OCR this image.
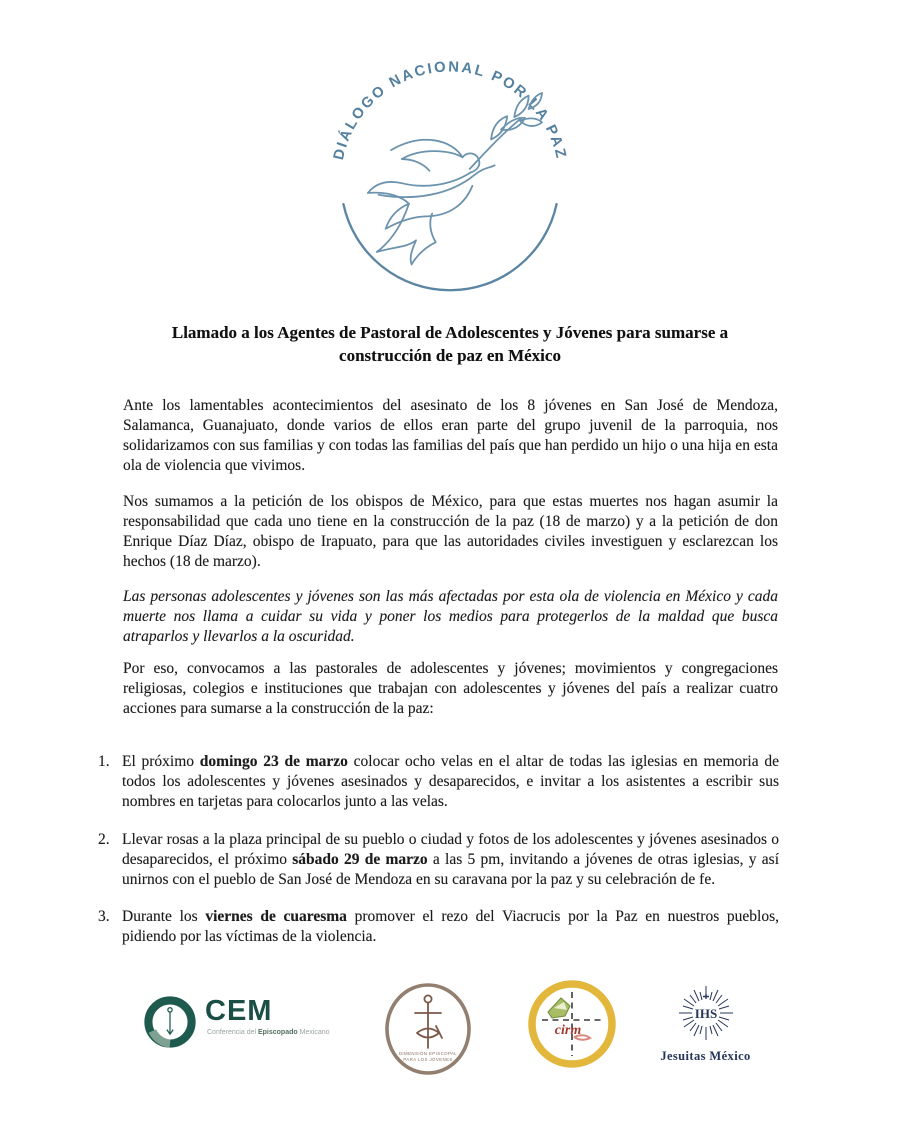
DIÁLOGO NACIONAL POR LA PAZ
Llamado a los Agentes de Pastoral de Adolescentes y Jóvenes para sumarse a
construcción de paz en México
Ante los lamentables acontecimientos del asesinato de los 8 jóvenes en San José de Mendoza, Salamanca, Guanajuato, donde varios de ellos eran parte del grupo juvenil de la parroquia, nos solidarizamos con sus familias y con todas las familias del país que han perdido un hijo o una hija en esta ola de violencia que vivimos.
Nos sumamos a la petición de los obispos de México, para que estas muertes nos hagan asumir la responsabilidad que cada uno tiene en la construcción de la paz (18 de marzo) y a la petición de don Enrique Díaz Díaz, obispo de Irapuato, para que las autoridades civiles investiguen y esclarezcan los hechos (18 de marzo).
Las personas adolescentes y jóvenes son las más afectadas por esta ola de violencia en México y cada muerte nos llama a cuidar su vida y poner los medios para protegerlos de la maldad que busca atraparlos y llevarlos a la oscuridad.
Por eso, convocamos a las pastorales de adolescentes y jóvenes; movimientos y congregaciones religiosas, colegios e instituciones que trabajan con adolescentes y jóvenes del país a realizar cuatro acciones para sumarse a la construcción de la paz:
1. El próximo domingo 23 de marzo colocar ocho velas en el altar de todas las iglesias en memoria de todos los adolescentes y jóvenes asesinados y desaparecidos, e invitar a los asistentes a escribir sus nombres en tarjetas para colocarlos junto a las velas.
2. Llevar rosas a la plaza principal de su pueblo o ciudad y fotos de los adolescentes y jóvenes asesinados o desaparecidos, el próximo sábado 29 de marzo a las 5 pm, invitando a jóvenes de otras iglesias, y así unirnos con el pueblo de San José de Mendoza en su caravana por la paz y su celebración de fe.
3. Durante los viernes de cuaresma promover el rezo del Viacrucis por la Paz en nuestros pueblos, pidiendo por las víctimas de la violencia.
CEM
Conferencia del Episcopado Mexicano
DIMENSIÓN EPISCOPAL
PARA LOS JÓVENES
cirm
IHS
Jesuitas México
